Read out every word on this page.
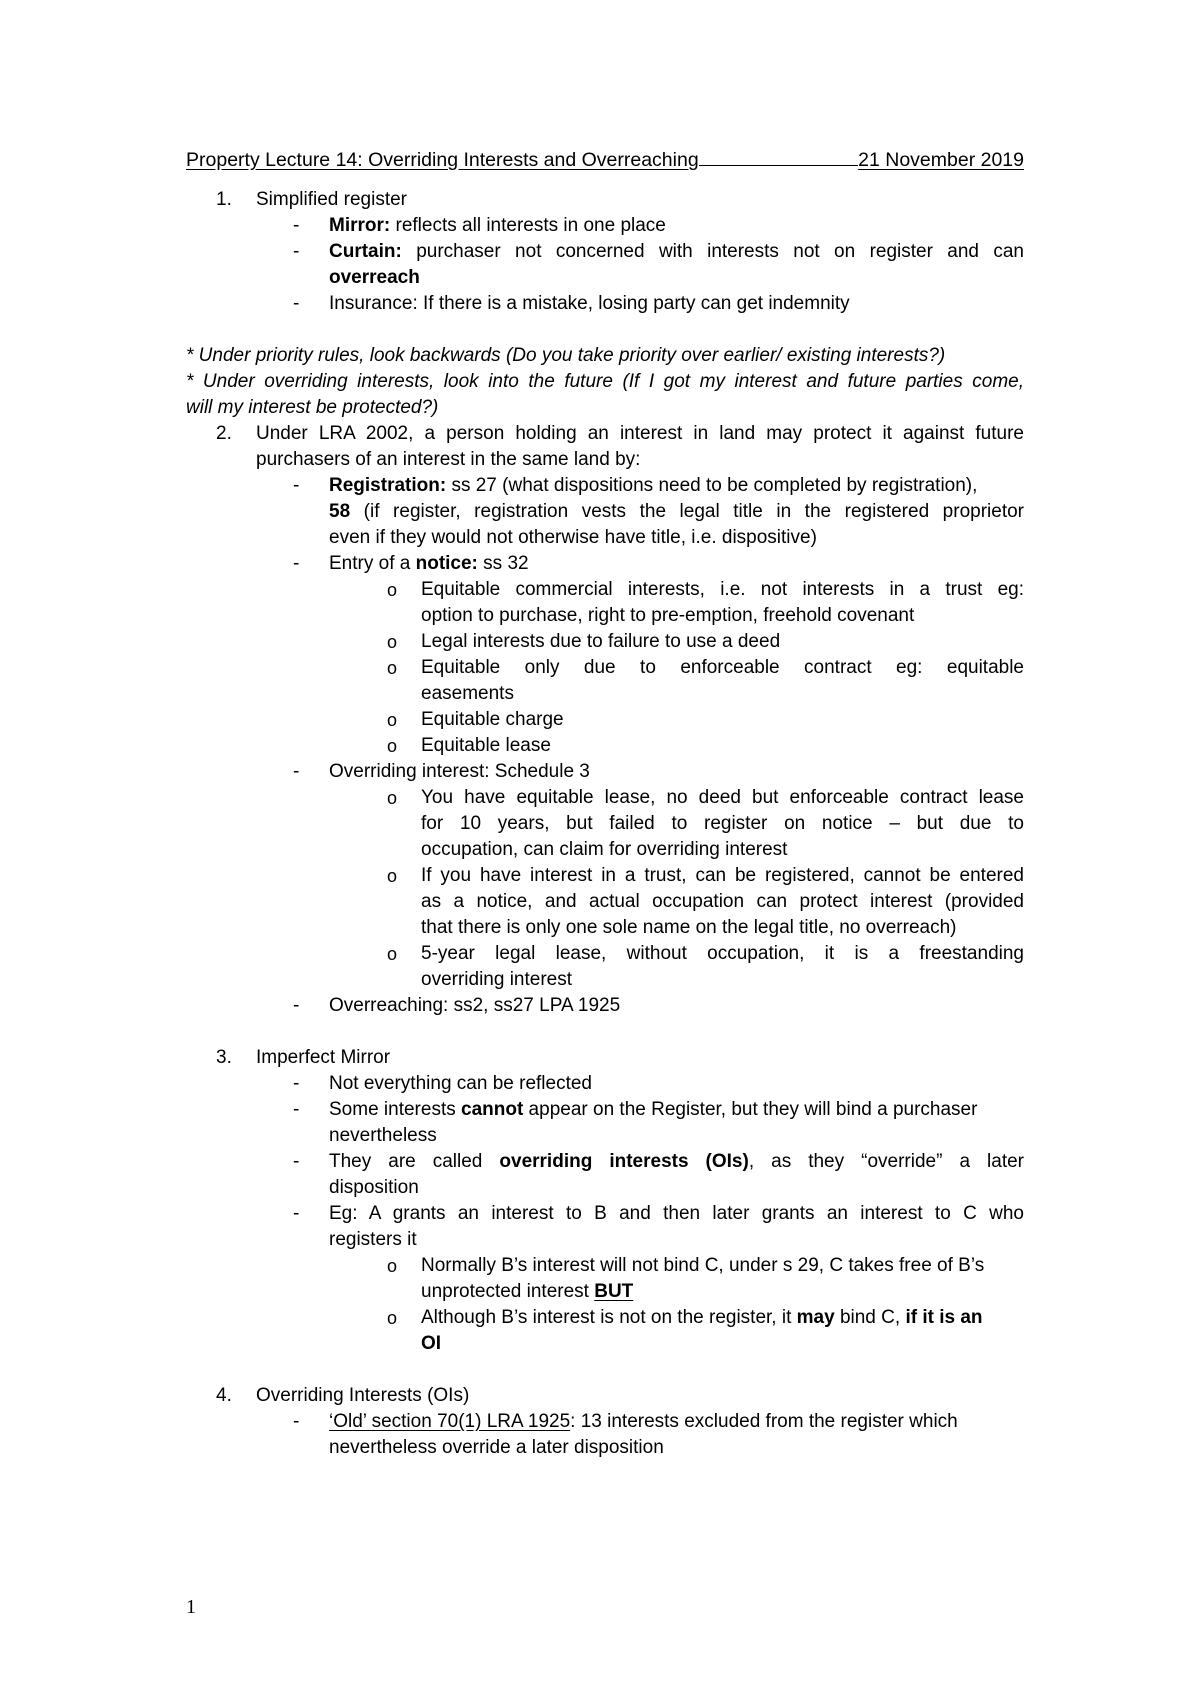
Property Lecture 14: Overriding Interests and Overreaching	21 November 2019
1. Simplified register
- Mirror: reflects all interests in one place
- Curtain: purchaser not concerned with interests not on register and can
overreach
- Insurance: If there is a mistake, losing party can get indemnity
* Under priority rules, look backwards (Do you take priority over earlier/ existing interests?)
* Under overriding interests, look into the future (If I got my interest and future parties come,
will my interest be protected?)
2. Under LRA 2002, a person holding an interest in land may protect it against future
purchasers of an interest in the same land by:
- Registration: ss 27 (what dispositions need to be completed by registration),
58 (if register, registration vests the legal title in the registered proprietor
even if they would not otherwise have title, i.e. dispositive)
- Entry of a notice: ss 32
o Equitable commercial interests, i.e. not interests in a trust eg:
option to purchase, right to pre-emption, freehold covenant
o Legal interests due to failure to use a deed
o Equitable only due to enforceable contract eg: equitable
easements
o Equitable charge
o Equitable lease
- Overriding interest: Schedule 3
o You have equitable lease, no deed but enforceable contract lease
for 10 years, but failed to register on notice – but due to
occupation, can claim for overriding interest
o If you have interest in a trust, can be registered, cannot be entered
as a notice, and actual occupation can protect interest (provided
that there is only one sole name on the legal title, no overreach)
o 5-year legal lease, without occupation, it is a freestanding
overriding interest
- Overreaching: ss2, ss27 LPA 1925
3. Imperfect Mirror
- Not everything can be reflected
- Some interests cannot appear on the Register, but they will bind a purchaser
nevertheless
- They are called overriding interests (OIs), as they “override” a later
disposition
- Eg: A grants an interest to B and then later grants an interest to C who
registers it
o Normally B’s interest will not bind C, under s 29, C takes free of B’s
unprotected interest BUT
o Although B’s interest is not on the register, it may bind C, if it is an
OI
4. Overriding Interests (OIs)
- ‘Old’ section 70(1) LRA 1925: 13 interests excluded from the register which
nevertheless override a later disposition
1
